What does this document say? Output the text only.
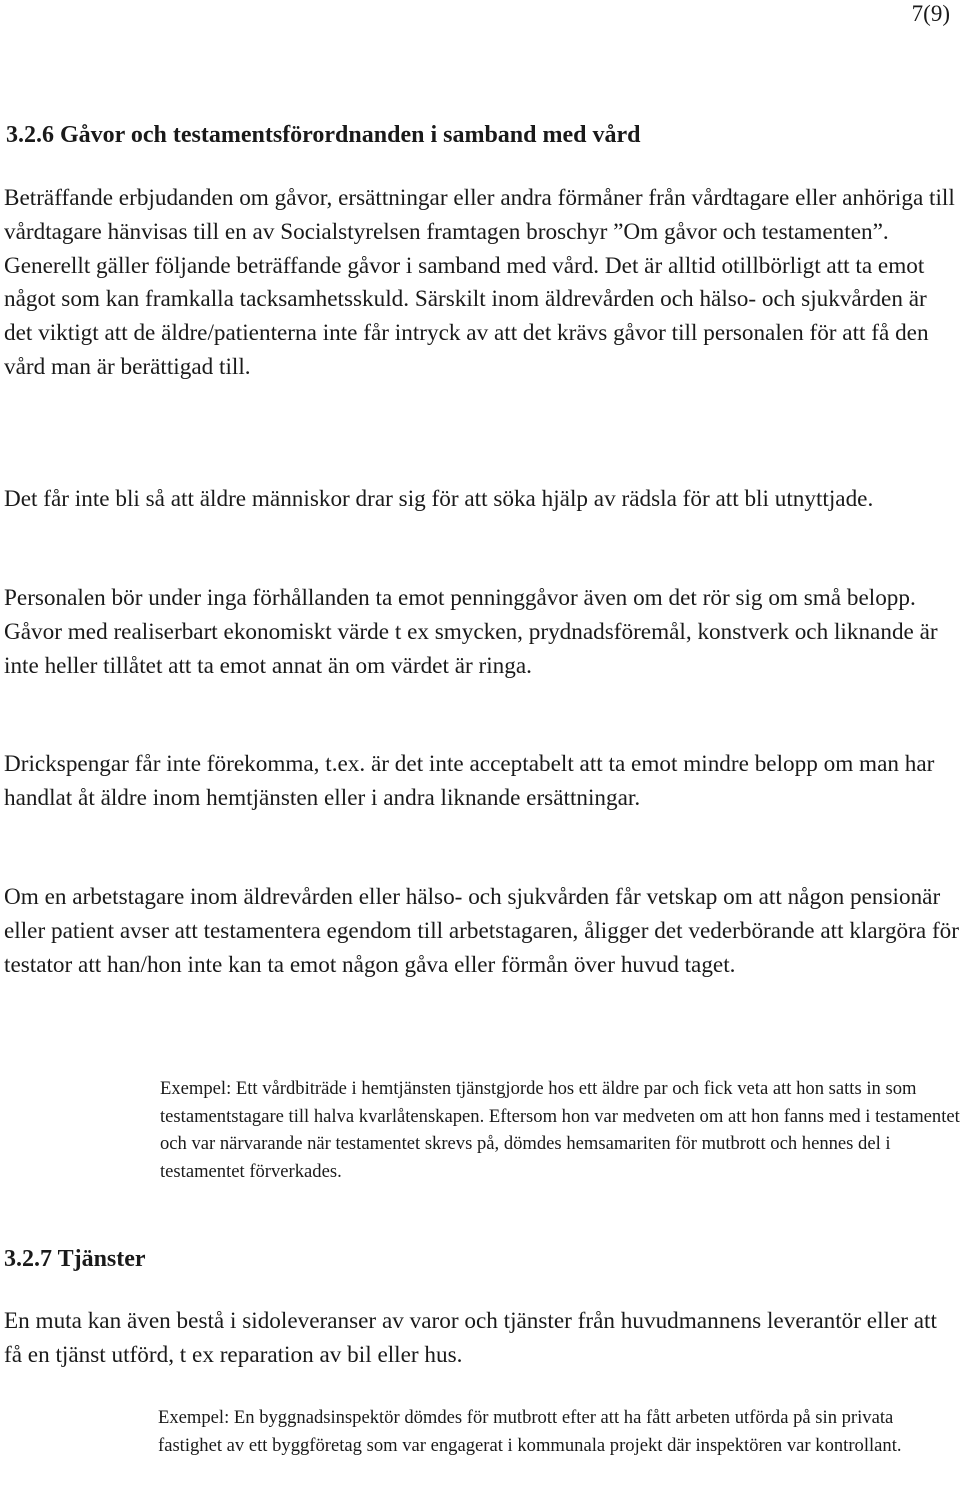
7(9)
3.2.6 Gåvor och testamentsförordnanden i samband med vård

Beträffande erbjudanden om gåvor, ersättningar eller andra förmåner från vårdtagare eller anhöriga till vårdtagare hänvisas till en av Socialstyrelsen framtagen broschyr ”Om gåvor och testamenten”. Generellt gäller följande beträffande gåvor i samband med vård. Det är alltid otillbörligt att ta emot något som kan framkalla tacksamhetsskuld. Särskilt inom äldrevården och hälso- och sjukvården är det viktigt att de äldre/patienterna inte får intryck av att det krävs gåvor till personalen för att få den vård man är berättigad till.

Det får inte bli så att äldre människor drar sig för att söka hjälp av rädsla för att bli utnyttjade.

Personalen bör under inga förhållanden ta emot penninggåvor även om det rör sig om små belopp. Gåvor med realiserbart ekonomiskt värde t ex smycken, prydnadsföremål, konstverk och liknande är inte heller tillåtet att ta emot annat än om värdet är ringa.

Drickspengar får inte förekomma, t.ex. är det inte acceptabelt att ta emot mindre belopp om man har handlat åt äldre inom hemtjänsten eller i andra liknande ersättningar.

Om en arbetstagare inom äldrevården eller hälso- och sjukvården får vetskap om att någon pensionär eller patient avser att testamentera egendom till arbetstagaren, åligger det vederbörande att klargöra för testator att han/hon inte kan ta emot någon gåva eller förmån över huvud taget.

Exempel: Ett vårdbiträde i hemtjänsten tjänstgjorde hos ett äldre par och fick veta att hon satts in som testamentstagare till halva kvarlåtenskapen. Eftersom hon var medveten om att hon fanns med i testamentet och var närvarande när testamentet skrevs på, dömdes hemsamariten för mutbrott och hennes del i testamentet förverkades.

3.2.7 Tjänster

En muta kan även bestå i sidoleveranser av varor och tjänster från huvudmannens leverantör eller att få en tjänst utförd, t ex reparation av bil eller hus.

Exempel: En byggnadsinspektör dömdes för mutbrott efter att ha fått arbeten utförda på sin privata fastighet av ett byggföretag som var engagerat i kommunala projekt där inspektören var kontrollant.
